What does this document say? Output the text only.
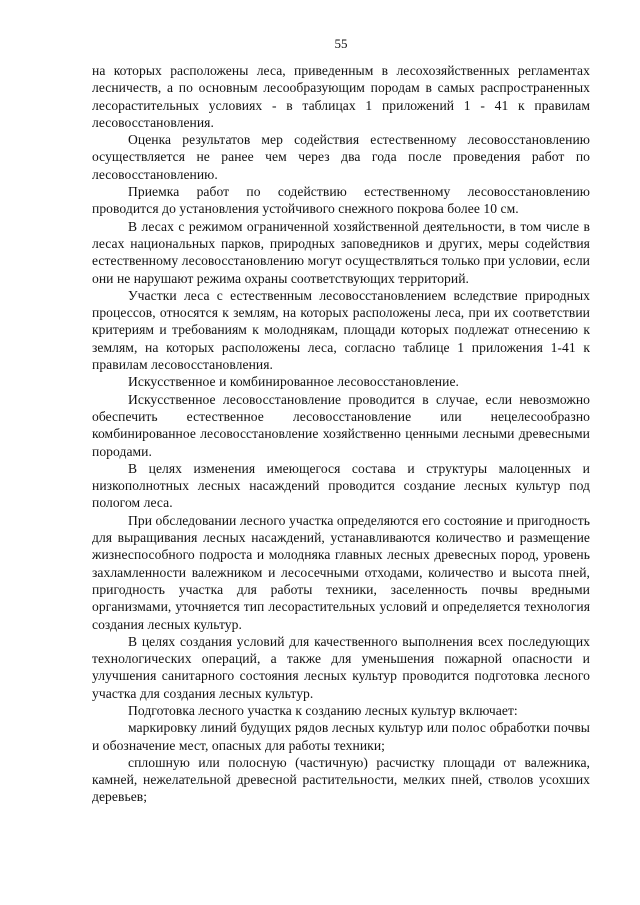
55

на которых расположены леса, приведенным в лесохозяйственных регламентах лесничеств, а по основным лесообразующим породам в самых распространенных лесорастительных условиях - в таблицах 1 приложений 1 - 41 к правилам лесовосстановления.

Оценка результатов мер содействия естественному лесовосстановлению осуществляется не ранее чем через два года после проведения работ по лесовосстановлению.

Приемка работ по содействию естественному лесовосстановлению проводится до установления устойчивого снежного покрова более 10 см.

В лесах с режимом ограниченной хозяйственной деятельности, в том числе в лесах национальных парков, природных заповедников и других, меры содействия естественному лесовосстановлению могут осуществляться только при условии, если они не нарушают режима охраны соответствующих территорий.

Участки леса с естественным лесовосстановлением вследствие природных процессов, относятся к землям, на которых расположены леса, при их соответствии критериям и требованиям к молоднякам, площади которых подлежат отнесению к землям, на которых расположены леса, согласно таблице 1 приложения 1-41 к правилам лесовосстановления.

Искусственное и комбинированное лесовосстановление.

Искусственное лесовосстановление проводится в случае, если невозможно обеспечить естественное лесовосстановление или нецелесообразно комбинированное лесовосстановление хозяйственно ценными лесными древесными породами.

В целях изменения имеющегося состава и структуры малоценных и низкополнотных лесных насаждений проводится создание лесных культур под пологом леса.

При обследовании лесного участка определяются его состояние и пригодность для выращивания лесных насаждений, устанавливаются количество и размещение жизнеспособного подроста и молодняка главных лесных древесных пород, уровень захламленности валежником и лесосечными отходами, количество и высота пней, пригодность участка для работы техники, заселенность почвы вредными организмами, уточняется тип лесорастительных условий и определяется технология создания лесных культур.

В целях создания условий для качественного выполнения всех последующих технологических операций, а также для уменьшения пожарной опасности и улучшения санитарного состояния лесных культур проводится подготовка лесного участка для создания лесных культур.

Подготовка лесного участка к созданию лесных культур включает:

маркировку линий будущих рядов лесных культур или полос обработки почвы и обозначение мест, опасных для работы техники;

сплошную или полосную (частичную) расчистку площади от валежника, камней, нежелательной древесной растительности, мелких пней, стволов усохших деревьев;
